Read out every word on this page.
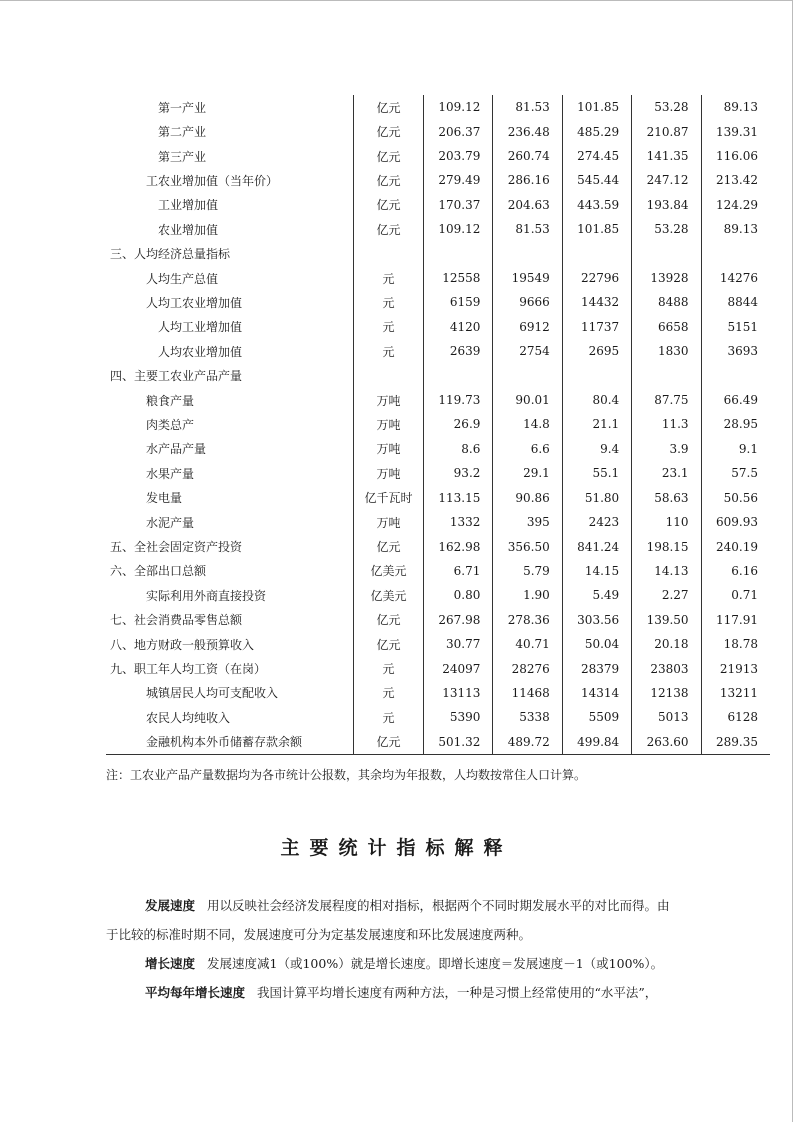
第一产业	亿元	109.12	81.53	101.85	53.28	89.13
第二产业	亿元	206.37	236.48	485.29	210.87	139.31
第三产业	亿元	203.79	260.74	274.45	141.35	116.06
工农业增加值（当年价）	亿元	279.49	286.16	545.44	247.12	213.42
工业增加值	亿元	170.37	204.63	443.59	193.84	124.29
农业增加值	亿元	109.12	81.53	101.85	53.28	89.13
三、人均经济总量指标						
人均生产总值	元	12558	19549	22796	13928	14276
人均工农业增加值	元	6159	9666	14432	8488	8844
人均工业增加值	元	4120	6912	11737	6658	5151
人均农业增加值	元	2639	2754	2695	1830	3693
四、主要工农业产品产量						
粮食产量	万吨	119.73	90.01	80.4	87.75	66.49
肉类总产	万吨	26.9	14.8	21.1	11.3	28.95
水产品产量	万吨	8.6	6.6	9.4	3.9	9.1
水果产量	万吨	93.2	29.1	55.1	23.1	57.5
发电量	亿千瓦时	113.15	90.86	51.80	58.63	50.56
水泥产量	万吨	1332	395	2423	110	609.93
五、全社会固定资产投资	亿元	162.98	356.50	841.24	198.15	240.19
六、全部出口总额	亿美元	6.71	5.79	14.15	14.13	6.16
实际利用外商直接投资	亿美元	0.80	1.90	5.49	2.27	0.71
七、社会消费品零售总额	亿元	267.98	278.36	303.56	139.50	117.91
八、地方财政一般预算收入	亿元	30.77	40.71	50.04	20.18	18.78
九、职工年人均工资（在岗）	元	24097	28276	28379	23803	21913
城镇居民人均可支配收入	元	13113	11468	14314	12138	13211
农民人均纯收入	元	5390	5338	5509	5013	6128
金融机构本外币储蓄存款余额	亿元	501.32	489.72	499.84	263.60	289.35
注：工农业产品产量数据均为各市统计公报数，其余均为年报数，人均数按常住人口计算。
主要统计指标解释
发展速度 用以反映社会经济发展程度的相对指标，根据两个不同时期发展水平的对比而得。由
于比较的标准时期不同，发展速度可分为定基发展速度和环比发展速度两种。
增长速度 发展速度减1（或100%）就是增长速度。即增长速度＝发展速度－1（或100%）。
平均每年增长速度 我国计算平均增长速度有两种方法，一种是习惯上经常使用的“水平法”，
